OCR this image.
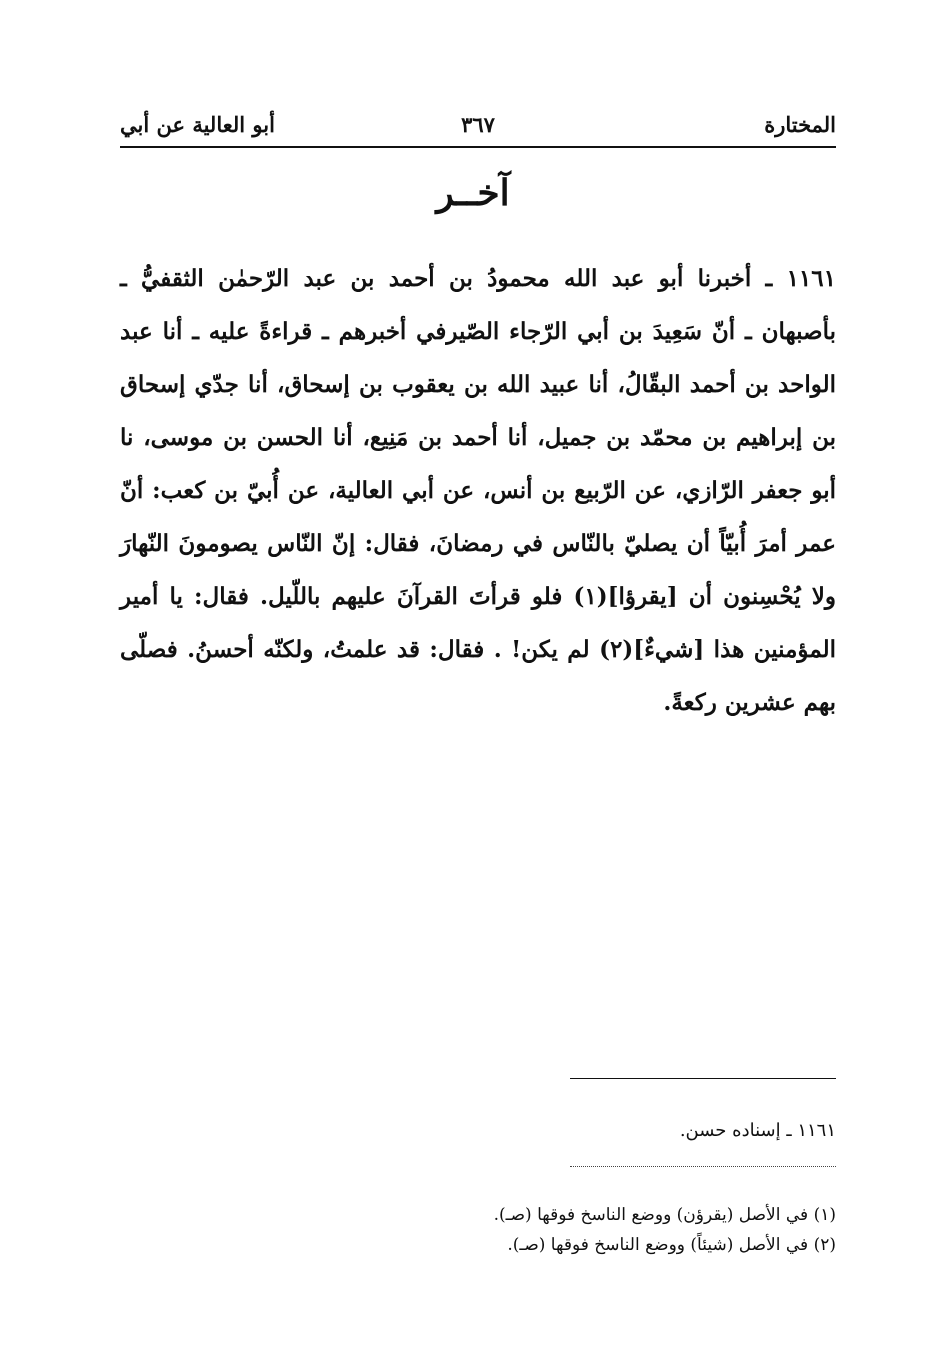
المختارة
٣٦٧
أبو العالية عن أبي
آخــر

١١٦١ ـ أخبرنا أبو عبد الله محمودُ بن أحمد بن عبد الرّحمٰن الثقفيُّ ـ بأصبهان ـ أنّ سَعِيدَ بن أبي الرّجاء الصّيرفي أخبرهم ـ قراءةً عليه ـ أنا عبد الواحد بن أحمد البقّالُ، أنا عبيد الله بن يعقوب بن إسحاق، أنا جدّي إسحاق بن إبراهيم بن محمّد بن جميل، أنا أحمد بن مَنِيع، أنا الحسن بن موسى، نا أبو جعفر الرّازي، عن الرّبيع بن أنس، عن أبي العالية، عن أُبيّ بن كعب: أنّ عمر أمرَ أُبيّاً أن يصليّ بالنّاس في رمضانَ، فقال: إنّ النّاس يصومونَ النّهارَ ولا يُحْسِنون أن [يقرؤا](١) فلو قرأتَ القرآنَ عليهم باللّيل. فقال: يا أمير المؤمنين هذا [شيءٌ](٢) لم يكن! . فقال: قد علمتُ، ولكنّه أحسنُ. فصلّى بهم عشرين ركعةً.

١١٦١ ـ إسناده حسن.

(١) في الأصل (يقرؤن) ووضع الناسخ فوقها (صـ).

(٢) في الأصل (شيئاً) ووضع الناسخ فوقها (صـ).
